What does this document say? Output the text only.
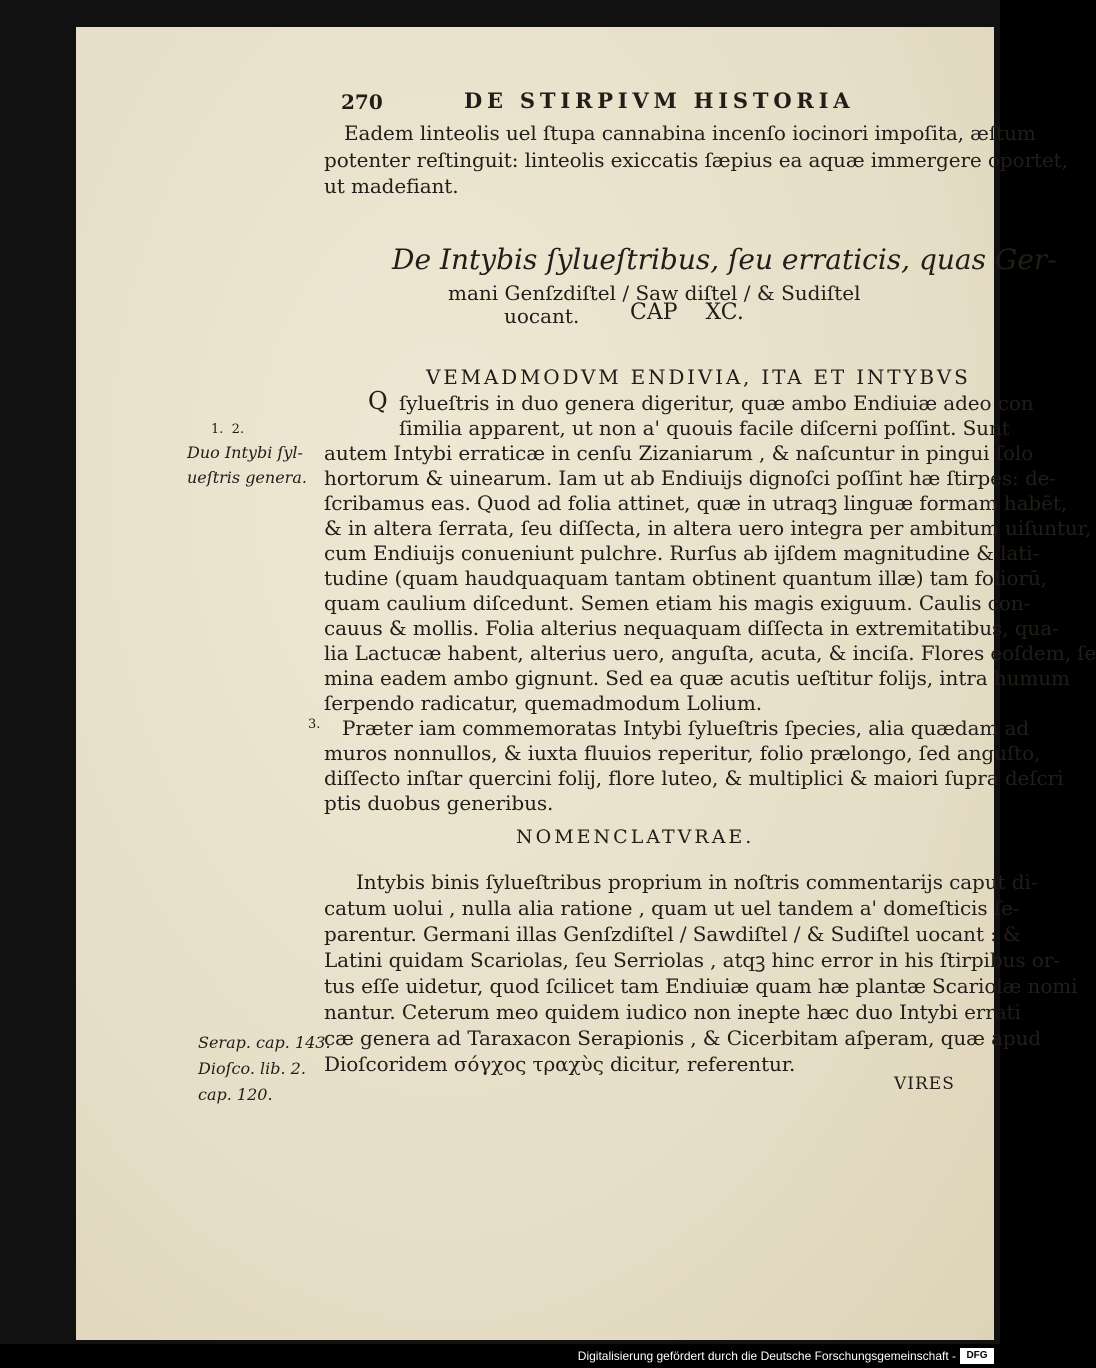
270	DE STIRPIVM HISTORIA
Eadem linteolis uel ſtupa cannabina incenſo iocinori impoſita, æſtum
potenter reſtinguit: linteolis exiccatis ſæpius ea aquæ immergere oportet,
ut madefiant.
De Intybis ſylueſtribus, ſeu erraticis, quas Ger-
mani Genſzdiſtel / Saw diſtel / & Sudiſtel
uocant. CAP    XC.
VEMADMODVM ENDIVIA, ITA ET INTYBVS
Q ſylueſtris in duo genera digeritur, quæ ambo Endiuiæ adeo con
ſimilia apparent, ut non a' quouis facile diſcerni poſſint. Sunt
autem Intybi erraticæ in cenſu Zizaniarum , & naſcuntur in pingui ſolo
hortorum & uinearum. Iam ut ab Endiuijs dignoſci poſſint hæ ſtirpes: de-
ſcribamus eas. Quod ad folia attinet, quæ in utraqꝫ linguæ formam habēt,
& in altera ſerrata, ſeu diſſecta, in altera uero integra per ambitum uiſuntur,
cum Endiuijs conueniunt pulchre. Rurſus ab ijſdem magnitudine & lati-
tudine (quam haudquaquam tantam obtinent quantum illæ) tam foliorū,
quam caulium diſcedunt. Semen etiam his magis exiguum. Caulis con-
cauus & mollis. Folia alterius nequaquam diſſecta in extremitatibus, qua-
lia Lactucæ habent, alterius uero, anguſta, acuta, & inciſa. Flores eoſdem, ſe
mina eadem ambo gignunt. Sed ea quæ acutis ueſtitur folijs, intra humum
ſerpendo radicatur, quemadmodum Lolium.
Præter iam commemoratas Intybi ſylueſtris ſpecies, alia quædam ad
muros nonnullos, & iuxta fluuios reperitur, folio prælongo, ſed anguſto,
diſſecto inſtar quercini folij, flore luteo, & multiplici & maiori ſupra deſcri
ptis duobus generibus.
NOMENCLATVRAE.
Intybis binis ſylueſtribus proprium in noſtris commentarijs caput di-
catum uolui , nulla alia ratione , quam ut uel tandem a' domeſticis ſe-
parentur. Germani illas Genſzdiſtel / Sawdiſtel / & Sudiſtel uocant : &
Latini quidam Scariolas, ſeu Serriolas , atqꝫ hinc error in his ſtirpibus or-
tus eſſe uidetur, quod ſcilicet tam Endiuiæ quam hæ plantæ Scariolæ nomi
nantur. Ceterum meo quidem iudico non inepte hæc duo Intybi errati
cæ genera ad Taraxacon Serapionis , & Cicerbitam aſperam, quæ apud
Dioſcoridem σόγχος τραχὺς dicitur, referentur.
VIRES
1.  2.
Duo Intybi ſyl-
ueſtris genera.
3.
Serap. cap. 143.
Dioſco. lib. 2.
cap. 120.
Digitalisierung gefördert durch die Deutsche Forschungsgemeinschaft -	DFG
